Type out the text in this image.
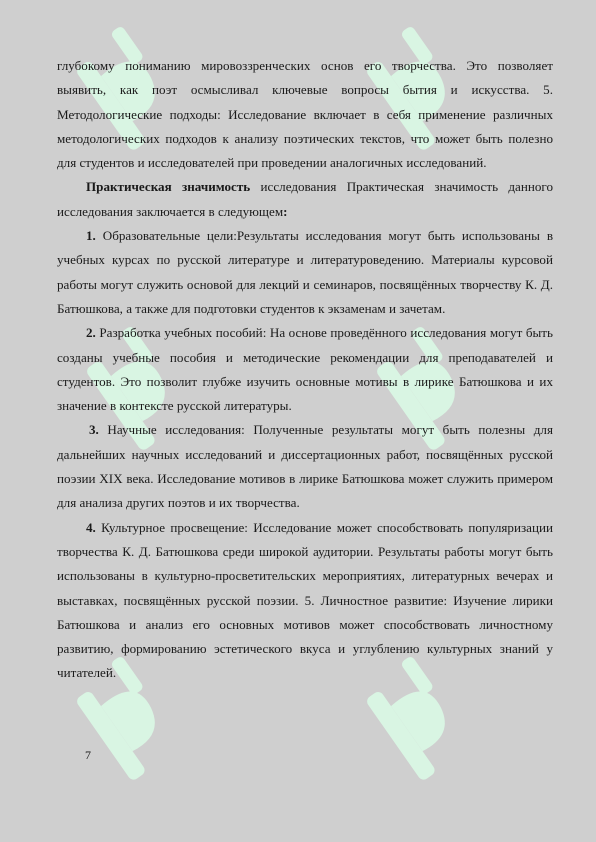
глубокому пониманию мировоззренческих основ его творчества. Это позволяет выявить, как поэт осмысливал ключевые вопросы бытия и искусства. 5. Методологические подходы: Исследование включает в себя применение различных методологических подходов к анализу поэтических текстов, что может быть полезно для студентов и исследователей при проведении аналогичных исследований.

Практическая значимость исследования Практическая значимость данного исследования заключается в следующем:

1. Образовательные цели:Результаты исследования могут быть использованы в учебных курсах по русской литературе и литературоведению. Материалы курсовой работы могут служить основой для лекций и семинаров, посвящённых творчеству К. Д. Батюшкова, а также для подготовки студентов к экзаменам и зачетам.

2. Разработка учебных пособий: На основе проведённого исследования могут быть созданы учебные пособия и методические рекомендации для преподавателей и студентов. Это позволит глубже изучить основные мотивы в лирике Батюшкова и их значение в контексте русской литературы.

3. Научные исследования: Полученные результаты могут быть полезны для дальнейших научных исследований и диссертационных работ, посвящённых русской поэзии XIX века. Исследование мотивов в лирике Батюшкова может служить примером для анализа других поэтов и их творчества.

4. Культурное просвещение: Исследование может способствовать популяризации творчества К. Д. Батюшкова среди широкой аудитории. Результаты работы могут быть использованы в культурно-просветительских мероприятиях, литературных вечерах и выставках, посвящённых русской поэзии. 5. Личностное развитие: Изучение лирики Батюшкова и анализ его основных мотивов может способствовать личностному развитию, формированию эстетического вкуса и углублению культурных знаний у читателей.

7
